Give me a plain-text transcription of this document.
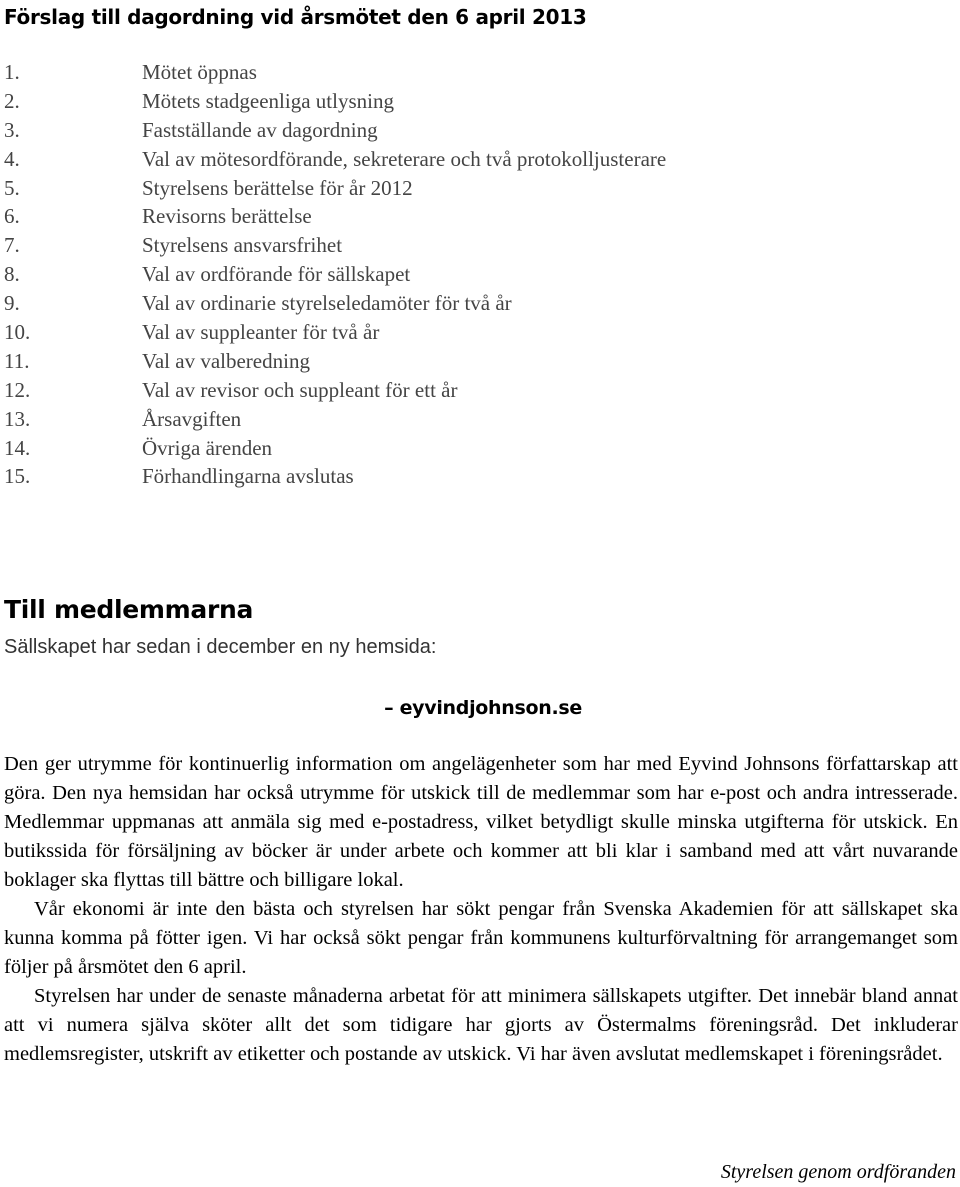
Förslag till dagordning vid årsmötet den 6 april 2013
1.	Mötet öppnas
2.	Mötets stadgeenliga utlysning
3.	Fastställande av dagordning
4.	Val av mötesordförande, sekreterare och två protokolljusterare
5.	Styrelsens berättelse för år 2012
6.	Revisorns berättelse
7.	Styrelsens ansvarsfrihet
8.	Val av ordförande för sällskapet
9.	Val av ordinarie styrelseledamöter för två år
10.	Val av suppleanter för två år
11.	Val av valberedning
12.	Val av revisor och suppleant för ett år
13.	Årsavgiften
14.	Övriga ärenden
15.	Förhandlingarna avslutas
Till medlemmarna

Sällskapet har sedan i december en ny hemsida:

– eyvindjohnson.se

Den ger utrymme för kontinuerlig information om angelägenheter som har med Eyvind Johnsons författarskap att göra. Den nya hemsidan har också utrymme för utskick till de medlemmar som har e-post och andra intresserade. Medlemmar uppmanas att anmäla sig med e-postadress, vilket betydligt skulle minska utgifterna för utskick. En butikssida för försäljning av böcker är under arbete och kommer att bli klar i samband med att vårt nuvarande boklager ska flyttas till bättre och billigare lokal.

Vår ekonomi är inte den bästa och styrelsen har sökt pengar från Svenska Akademien för att sällskapet ska kunna komma på fötter igen. Vi har också sökt pengar från kommunens kulturförvaltning för arrangemanget som följer på årsmötet den 6 april.

Styrelsen har under de senaste månaderna arbetat för att minimera sällskapets utgifter. Det innebär bland annat att vi numera själva sköter allt det som tidigare har gjorts av Östermalms föreningsråd. Det inkluderar medlemsregister, utskrift av etiketter och postande av utskick. Vi har även avslutat medlemskapet i föreningsrådet.

Styrelsen genom ordföranden
